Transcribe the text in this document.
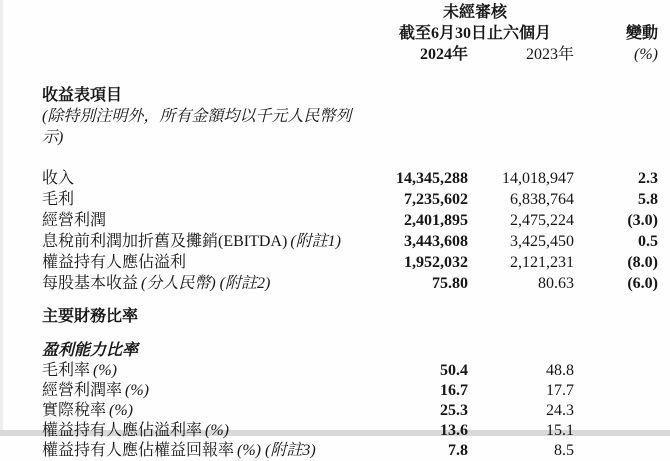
未經審核
截至6月30日止六個月	變動
2024年	2023年	(%)
收益表項目
(除特別注明外，所有金額均以千元人民幣列示)
收入	14,345,288	14,018,947	2.3
毛利	7,235,602	6,838,764	5.8
經營利潤	2,401,895	2,475,224	(3.0)
息稅前利潤加折舊及攤銷(EBITDA) (附註1)	3,443,608	3,425,450	0.5
權益持有人應佔溢利	1,952,032	2,121,231	(8.0)
每股基本收益 (分人民幣) (附註2)	75.80	80.63	(6.0)
主要財務比率
盈利能力比率
毛利率 (%)	50.4	48.8
經營利潤率 (%)	16.7	17.7
實際稅率 (%)	25.3	24.3
權益持有人應佔溢利率 (%)	13.6	15.1
權益持有人應佔權益回報率 (%) (附註3)	7.8	8.5
